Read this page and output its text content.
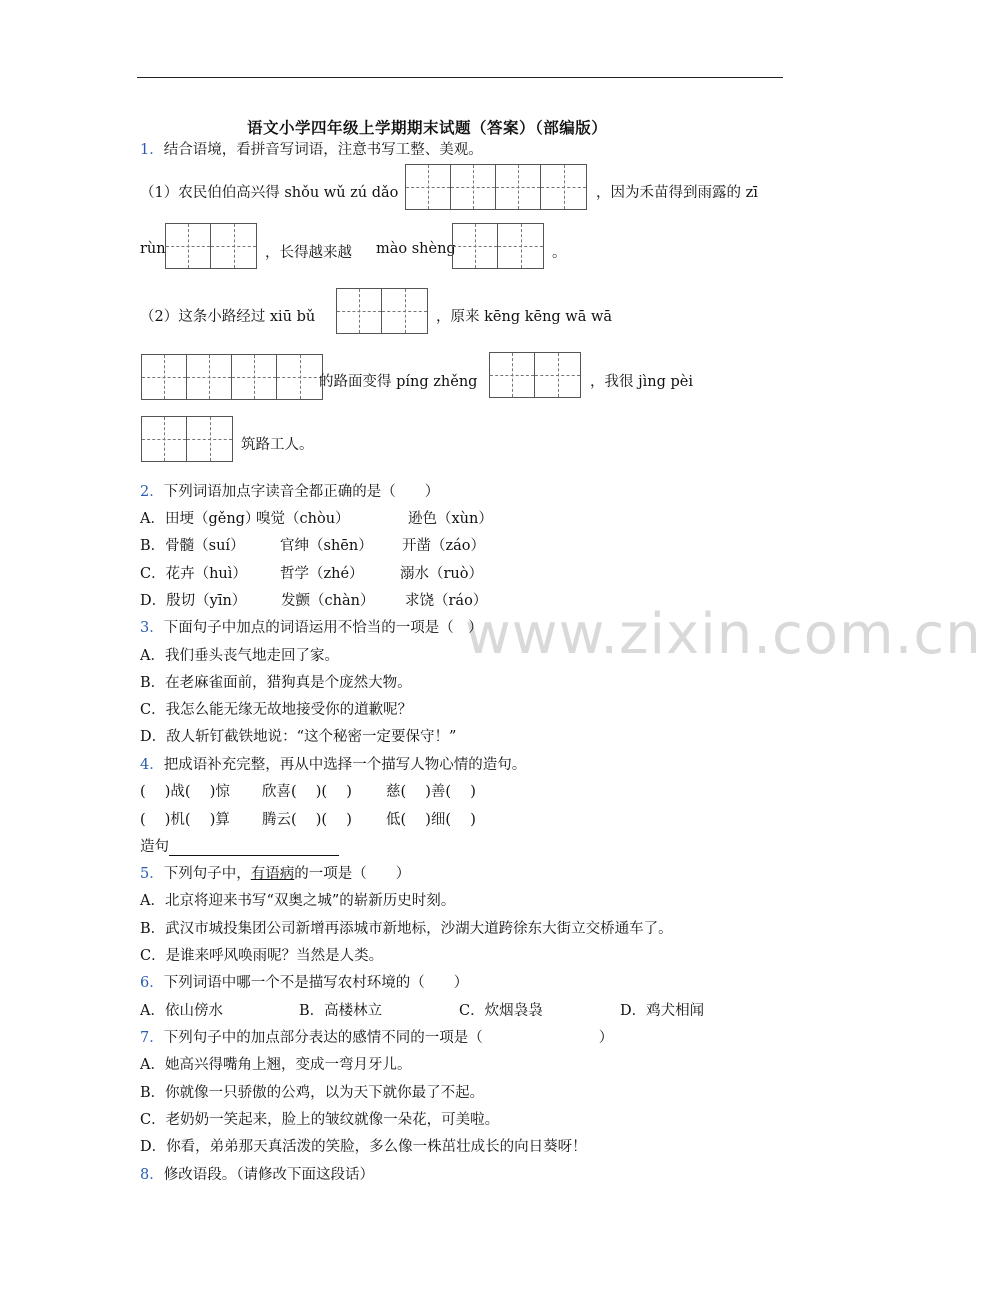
www.zixin.com.cn
语文小学四年级上学期期末试题（答案）（部编版）
1．结合语境，看拼音写词语，注意书写工整、美观。
（1）农民伯伯高兴得 shǒu wǔ zú dǎo	，因为禾苗得到雨露的 zī
rùn	，长得越来越 mào shèng	。
（2）这条小路经过 xiū bǔ	，原来 kēng kēng wā wā
的路面变得 píng zhěng	，我很 jìng pèi
筑路工人。
2．下列词语加点字读音全都正确的是（　　）
A．田埂（gěng）
嗅觉（chòu）	逊色（xùn）
B．骨髓（suí） 官绅（shēn） 开凿（záo）
C．花卉（huì） 哲学（zhé）	溺水（ruò）
D．殷切（yīn） 发颤（chàn） 求饶（ráo）
3．下面句子中加点的词语运用不恰当的一项是（　）
A．我们垂头丧气地走回了家。
B．在老麻雀面前，猎狗真是个庞然大物。
C．我怎么能无缘无故地接受你的道歉呢？
D．敌人斩钉截铁地说：“这个秘密一定要保守！”
4．把成语补充完整，再从中选择一个描写人物心情的造句。
(　 )战(　 )惊 欣喜(　 )(　 ) 慈(　 )善(　 )
(　 )机(　 )算 腾云(　 )(　 ) 低(　 )细(　 )
造句
5．下列句子中，有语病的一项是（　　）
A．北京将迎来书写“双奥之城”的崭新历史时刻。
B．武汉市城投集团公司新增再添城市新地标，沙湖大道跨徐东大街立交桥通车了。
C．是谁来呼风唤雨呢？当然是人类。
6．下列词语中哪一个不是描写农村环境的（　　）
A．依山傍水	B．高楼林立	C．炊烟袅袅	D．鸡犬相闻
7．下列句子中的加点部分表达的感情不同的一项是（　　　　　　　　）
A．她高兴得嘴角上翘，变成一弯月牙儿。
B．你就像一只骄傲的公鸡，以为天下就你最了不起。
C．老奶奶一笑起来，脸上的皱纹就像一朵花，可美啦。
D．你看，弟弟那天真活泼的笑脸，多么像一株茁壮成长的向日葵呀！
8．修改语段。（请修改下面这段话）
